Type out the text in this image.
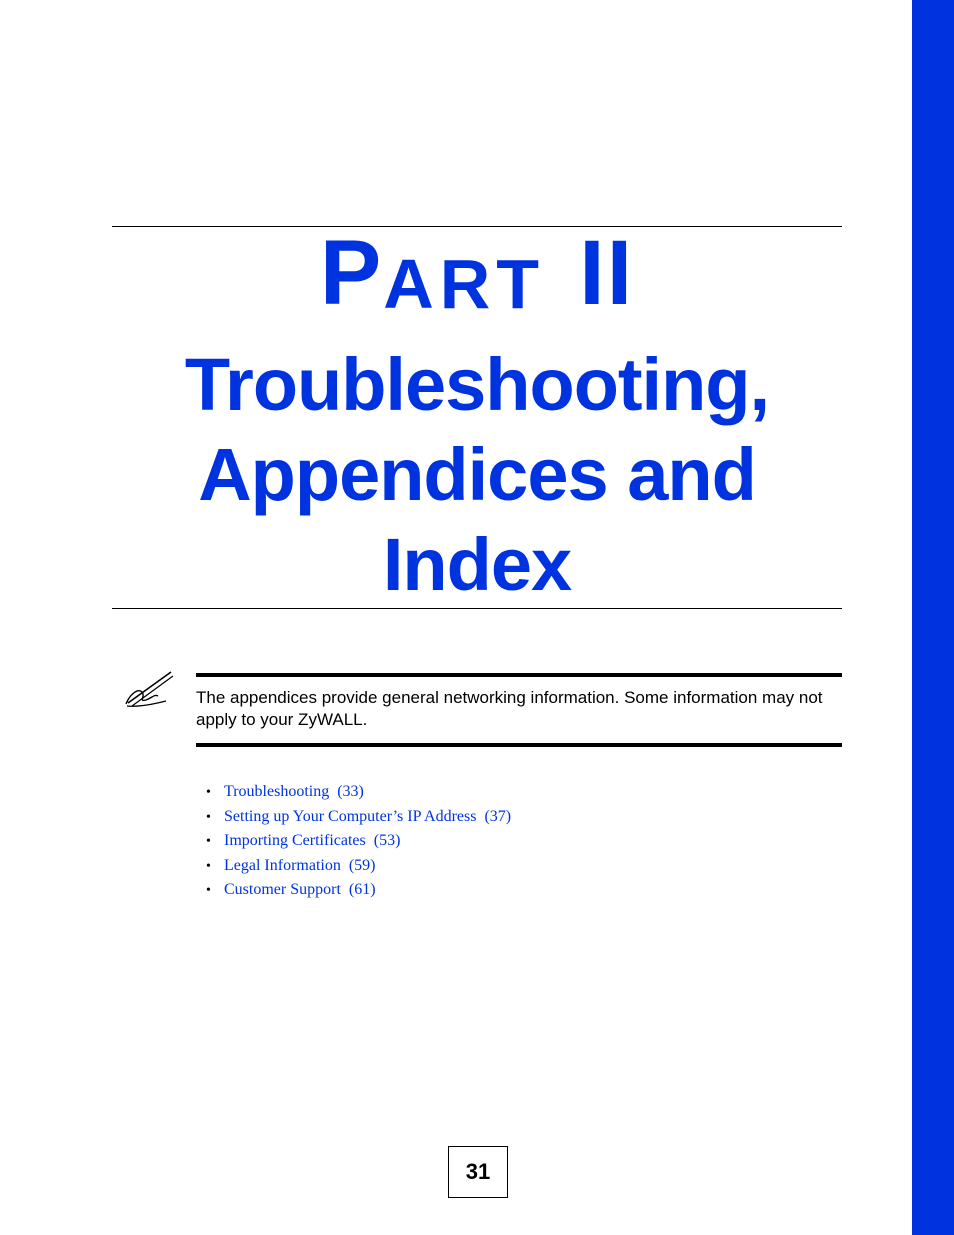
P ART II
Troubleshooting,
Appendices and
Index
The appendices provide general networking information. Some information may not apply to your ZyWALL.
• Troubleshooting (33)
• Setting up Your Computer’s IP Address (37)
• Importing Certificates (53)
• Legal Information (59)
• Customer Support (61)
31
